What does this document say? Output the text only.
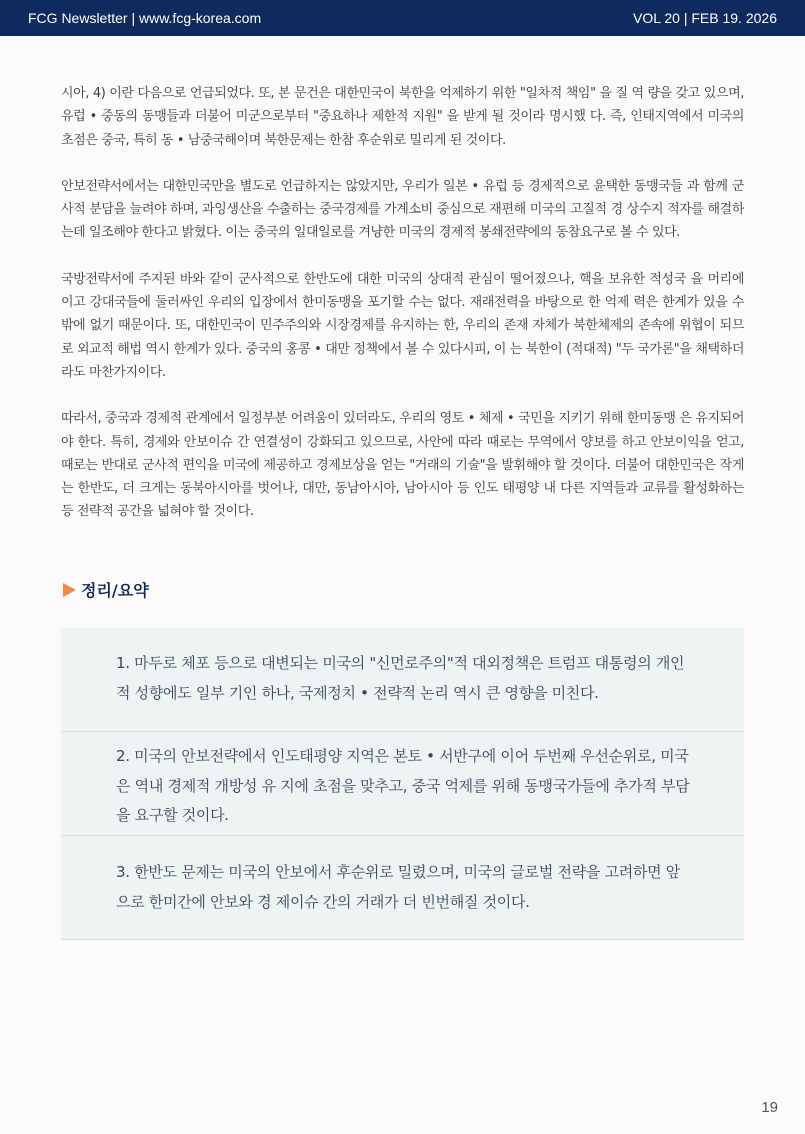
FCG Newsletter | www.fcg-korea.com	VOL 20 | FEB 19. 2026

시아, 4) 이란 다음으로 언급되었다. 또, 본 문건은 대한민국이 북한을 억제하기 위한 "일차적 책임" 을 질 역 량을 갖고 있으며, 유럽 • 중동의 동맹들과 더불어 미군으로부터 "중요하나 제한적 지원" 을 받게 될 것이라 명시했 다. 즉, 인태지역에서 미국의 초점은 중국, 특히 동 • 남중국해이며 북한문제는 한참 후순위로 밀리게 된 것이다.

안보전략서에서는 대한민국만을 별도로 언급하지는 않았지만, 우리가 일본 • 유럽 등 경제적으로 윤택한 동맹국들 과 함께 군사적 분담을 늘려야 하며, 과잉생산을 수출하는 중국경제를 가계소비 중심으로 재편해 미국의 고질적 경 상수지 적자를 해결하는데 일조해야 한다고 밝혔다. 이는 중국의 일대일로를 겨냥한 미국의 경제적 봉쇄전략에의 동참요구로 볼 수 있다.

국방전략서에 주지된 바와 같이 군사적으로 한반도에 대한 미국의 상대적 관심이 떨어졌으나, 핵을 보유한 적성국 을 머리에 이고 강대국들에 둘러싸인 우리의 입장에서 한미동맹을 포기할 수는 없다. 재래전력을 바탕으로 한 억제 력은 한계가 있을 수밖에 없기 때문이다. 또, 대한민국이 민주주의와 시장경제를 유지하는 한, 우리의 존재 자체가 북한체제의 존속에 위협이 되므로 외교적 해법 역시 한계가 있다. 중국의 홍콩 • 대만 정책에서 볼 수 있다시피, 이 는 북한이 (적대적) "두 국가론"을 채택하더라도 마찬가지이다.

따라서, 중국과 경제적 관계에서 일정부분 어려움이 있더라도, 우리의 영토 • 체제 • 국민을 지키기 위해 한미동맹 은 유지되어야 한다. 특히, 경제와 안보이슈 간 연결성이 강화되고 있으므로, 사안에 따라 때로는 무역에서 양보를 하고 안보이익을 얻고, 때로는 반대로 군사적 편익을 미국에 제공하고 경제보상을 얻는 "거래의 기술"을 발휘해야 할 것이다. 더불어 대한민국은 작게는 한반도, 더 크게는 동북아시아를 벗어나, 대만, 동남아시아, 남아시아 등 인도 태평양 내 다른 지역들과 교류를 활성화하는 등 전략적 공간을 넓혀야 할 것이다.

정리/요약
1. 마두로 체포 등으로 대변되는 미국의 "신먼로주의"적 대외정책은 트럼프 대통령의 개인적 성향에도 일부 기인 하나, 국제정치 • 전략적 논리 역시 큰 영향을 미친다.
2. 미국의 안보전략에서 인도태평양 지역은 본토 • 서반구에 이어 두번째 우선순위로, 미국은 역내 경제적 개방성 유 지에 초점을 맞추고, 중국 억제를 위해 동맹국가들에 추가적 부담을 요구할 것이다.
3. 한반도 문제는 미국의 안보에서 후순위로 밀렸으며, 미국의 글로벌 전략을 고려하면 앞으로 한미간에 안보와 경 제이슈 간의 거래가 더 빈번해질 것이다.
19
